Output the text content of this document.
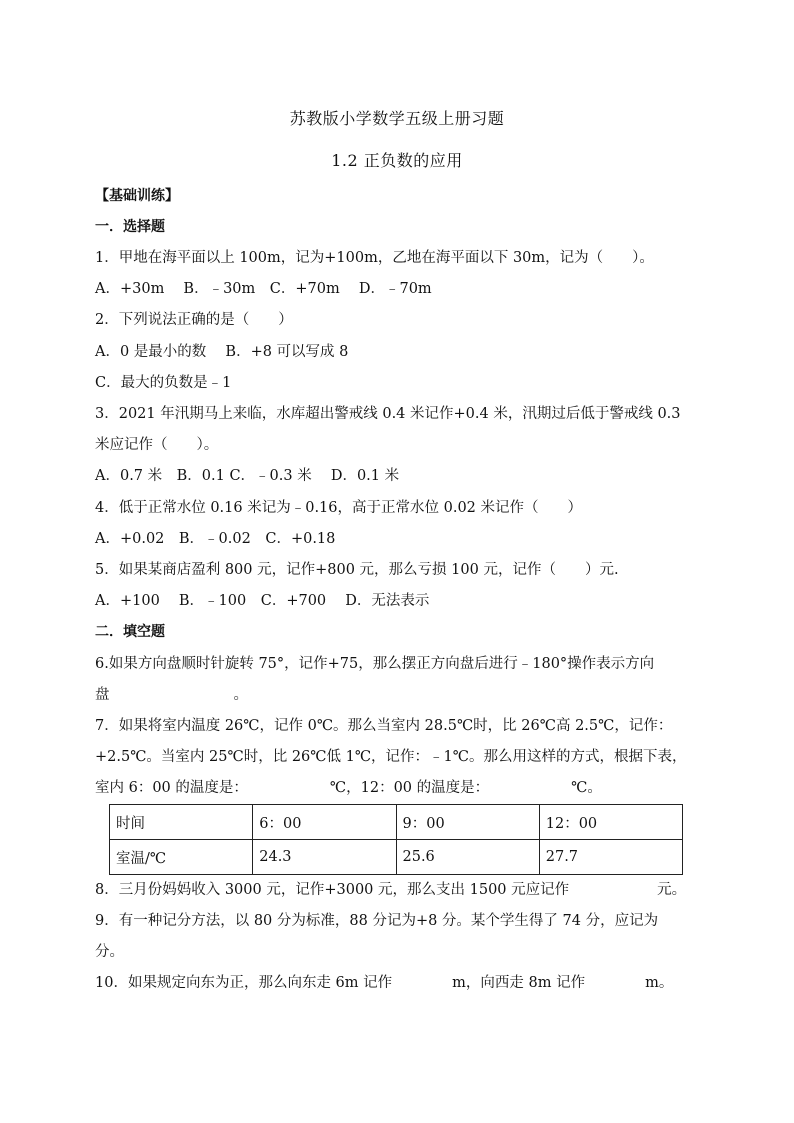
苏教版小学数学五级上册习题
1.2 正负数的应用
【基础训练】
一．选择题
1．甲地在海平面以上 100m，记为+100m，乙地在海平面以下 30m，记为（　　）。
A．+30m　 B．﹣30m　C．+70m　 D．﹣70m
2．下列说法正确的是（　　）
A．0 是最小的数　 B．+8 可以写成 8
C．最大的负数是﹣1
3．2021 年汛期马上来临，水库超出警戒线 0.4 米记作+0.4 米，汛期过后低于警戒线 0.3
米应记作（　　）。
A．0.7 米　B．0.1 C．﹣0.3 米　 D．0.1 米
4．低于正常水位 0.16 米记为﹣0.16，高于正常水位 0.02 米记作（　　）
A．+0.02　B．﹣0.02　C．+0.18
5．如果某商店盈利 800 元，记作+800 元，那么亏损 100 元，记作（　　）元.
A．+100　 B．﹣100　C．+700　 D．无法表示
二．填空题
6.如果方向盘顺时针旋转 75°，记作+75，那么摆正方向盘后进行﹣180°操作表示方向
盘	。
7．如果将室内温度 26℃，记作 0℃。那么当室内 28.5℃时，比 26℃高 2.5℃，记作：
+2.5℃。当室内 25℃时，比 26℃低 1℃，记作：﹣1℃。那么用这样的方式，根据下表，
室内 6：00 的温度是：	℃，12：00 的温度是：	℃。
时间	6：00	9：00	12：00
室温/℃	24.3	25.6	27.7
8．三月份妈妈收入 3000 元，记作+3000 元，那么支出 1500 元应记作	元。
9．有一种记分方法，以 80 分为标准，88 分记为+8 分。某个学生得了 74 分，应记为
分。
10．如果规定向东为正，那么向东走 6m 记作	m，向西走 8m 记作	m。
